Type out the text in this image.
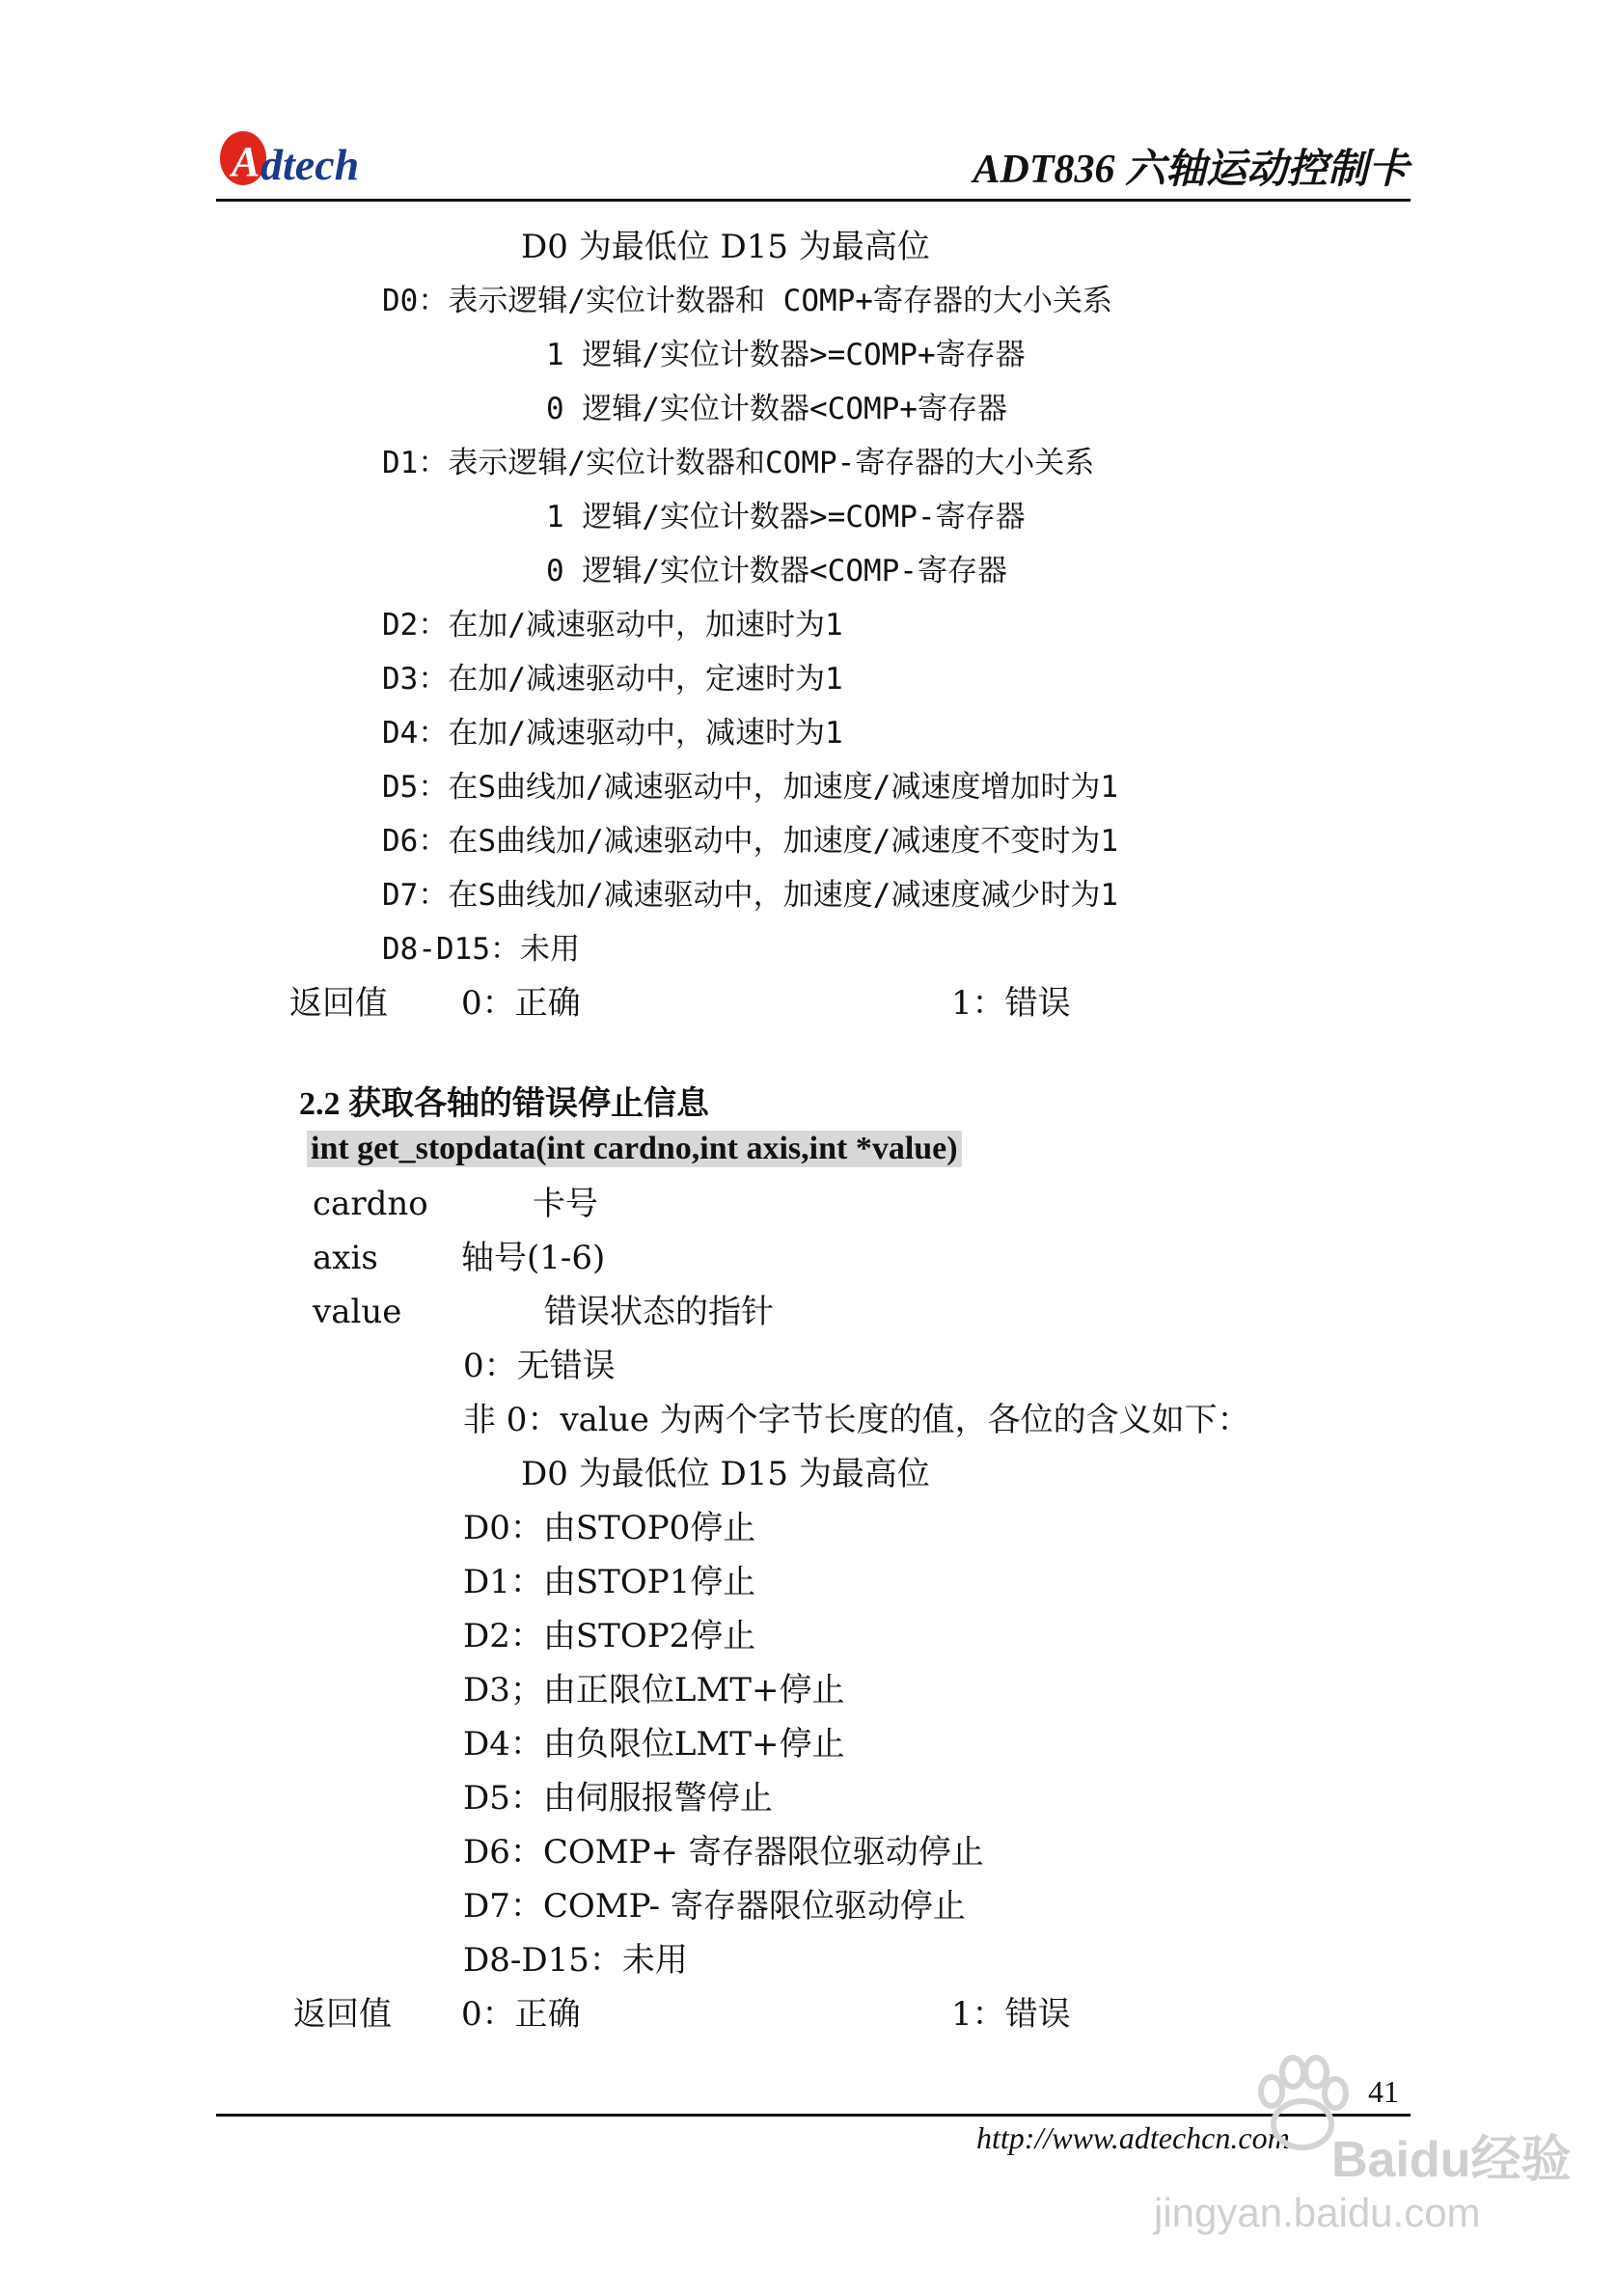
A dtech	ADT836 六轴运动控制卡
D0 为最低位 D15 为最高位
D0：表示逻辑/实位计数器和 COMP+寄存器的大小关系
1 逻辑/实位计数器>=COMP+寄存器
0 逻辑/实位计数器<COMP+寄存器
D1：表示逻辑/实位计数器和COMP-寄存器的大小关系
1 逻辑/实位计数器>=COMP-寄存器
0 逻辑/实位计数器<COMP-寄存器
D2：在加/减速驱动中，加速时为1
D3：在加/减速驱动中，定速时为1
D4：在加/减速驱动中，减速时为1
D5：在S曲线加/减速驱动中，加速度/减速度增加时为1
D6：在S曲线加/减速驱动中，加速度/减速度不变时为1
D7：在S曲线加/减速驱动中，加速度/减速度减少时为1
D8-D15：未用
返回值 0：正确	1：错误
2.2 获取各轴的错误停止信息
int get_stopdata(int cardno,int axis,int *value)
cardno	卡号
axis	轴号(1-6)
value	错误状态的指针
0：无错误
非 0：value 为两个字节长度的值，各位的含义如下：
D0 为最低位 D15 为最高位
D0：由STOP0停止
D1：由STOP1停止
D2：由STOP2停止
D3；由正限位LMT+停止
D4：由负限位LMT+停止
D5：由伺服报警停止
D6：COMP+ 寄存器限位驱动停止
D7：COMP- 寄存器限位驱动停止
D8-D15：未用
返回值 0：正确	1：错误
41
http://www.adtechcn.com Baidu经验
jingyan.baidu.com
